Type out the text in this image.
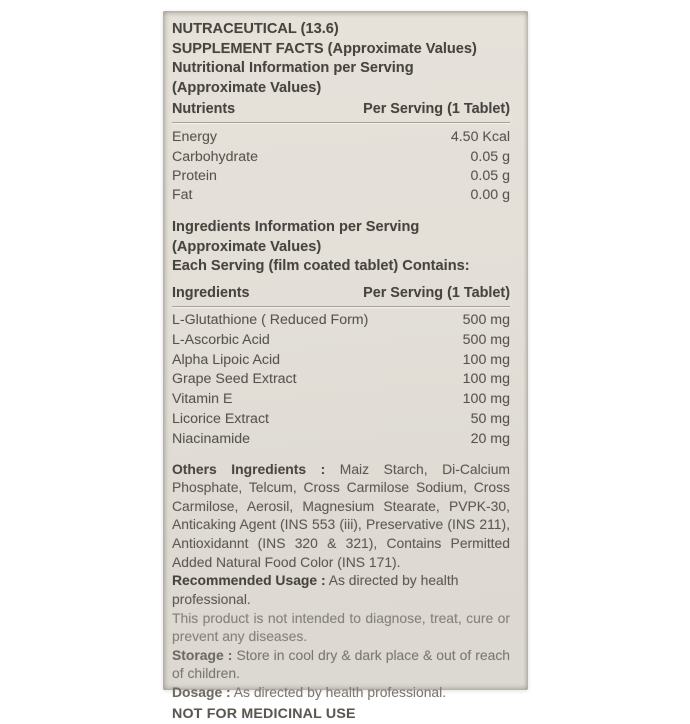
NUTRACEUTICAL (13.6)
SUPPLEMENT FACTS (Approximate Values)
Nutritional Information per Serving
(Approximate Values)
Nutrients	Per Serving (1 Tablet)
Energy	4.50 Kcal
Carbohydrate	0.05 g
Protein	0.05 g
Fat	0.00 g
Ingredients Information per Serving
(Approximate Values)
Each Serving (film coated tablet) Contains:
Ingredients	Per Serving (1 Tablet)
L-Glutathione ( Reduced Form)	500 mg
L-Ascorbic Acid	500 mg
Alpha Lipoic Acid	100 mg
Grape Seed Extract	100 mg
Vitamin E	100 mg
Licorice Extract	50 mg
Niacinamide	20 mg

Others Ingredients : Maiz Starch, Di-Calcium Phosphate, Telcum, Cross Carmilose Sodium, Cross Carmilose, Aerosil, Magnesium Stearate, PVPK-30, Anticaking Agent (INS 553 (iii), Preservative (INS 211), Antioxidannt (INS 320 & 321), Contains Permitted Added Natural Food Color (INS 171).

Recommended Usage : As directed by health professional.

This product is not intended to diagnose, treat, cure or prevent any diseases.

Storage : Store in cool dry & dark place & out of reach of children.

Dosage : As directed by health professional.
NOT FOR MEDICINAL USE
